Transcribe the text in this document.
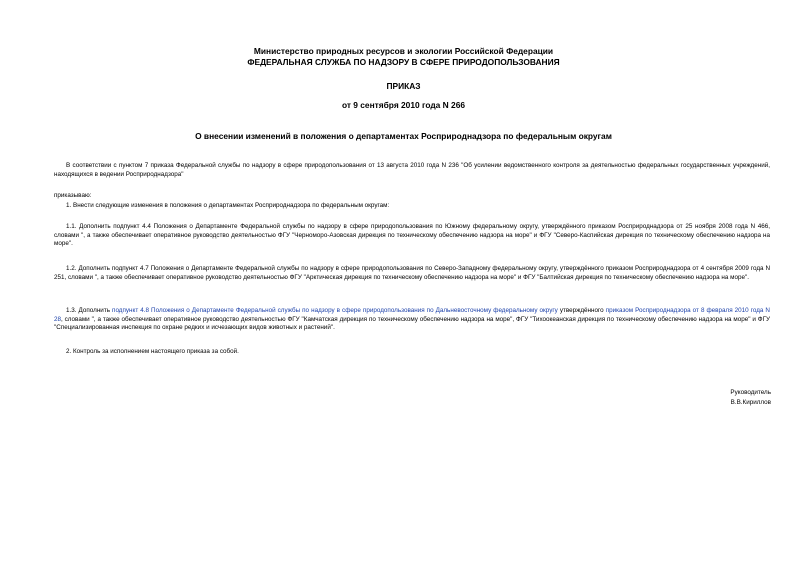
Министерство природных ресурсов и экологии Российской Федерации
ФЕДЕРАЛЬНАЯ СЛУЖБА ПО НАДЗОРУ В СФЕРЕ ПРИРОДОПОЛЬЗОВАНИЯ
ПРИКАЗ
от 9 сентября 2010 года N 266
О внесении изменений в положения о департаментах Росприроднадзора по федеральным округам
В соответствии с пунктом 7 приказа Федеральной службы по надзору в сфере природопользования от 13 августа 2010 года N 236 "Об усилении ведомственного контроля за деятельностью федеральных государственных учреждений, находящихся в ведении Росприроднадзора"
приказываю:
1. Внести следующие изменения в положения о департаментах Росприроднадзора по федеральным округам:
1.1. Дополнить подпункт 4.4 Положения о Департаменте Федеральной службы по надзору в сфере природопользования по Южному федеральному округу, утверждённого приказом Росприроднадзора от 25 ноября 2008 года N 466, словами ", а также обеспечивает оперативное руководство деятельностью ФГУ "Черноморо-Азовская дирекция по техническому обеспечению надзора на море" и ФГУ "Северо-Каспийская дирекция по техническому обеспечению надзора на море".
1.2. Дополнить подпункт 4.7 Положения о Департаменте Федеральной службы по надзору в сфере природопользования по Северо-Западному федеральному округу, утверждённого приказом Росприроднадзора от 4 сентября 2009 года N 251, словами ", а также обеспечивает оперативное руководство деятельностью ФГУ "Арктическая дирекция по техническому обеспечению надзора на море" и ФГУ "Балтийская дирекция по техническому обеспечению надзора на море".
1.3. Дополнить подпункт 4.8 Положения о Департаменте Федеральной службы по надзору в сфере природопользования по Дальневосточному федеральному округу утверждённого приказом Росприроднадзора от 8 февраля 2010 года N 28, словами ", а также обеспечивает оперативное руководство деятельностью ФГУ "Камчатская дирекция по техническому обеспечению надзора на море", ФГУ "Тихоокеанская дирекция по техническому обеспечению надзора на море" и ФГУ "Специализированная инспекция по охране редких и исчезающих видов животных и растений".
2. Контроль за исполнением настоящего приказа за собой.
Руководитель
В.В.Кириллов
